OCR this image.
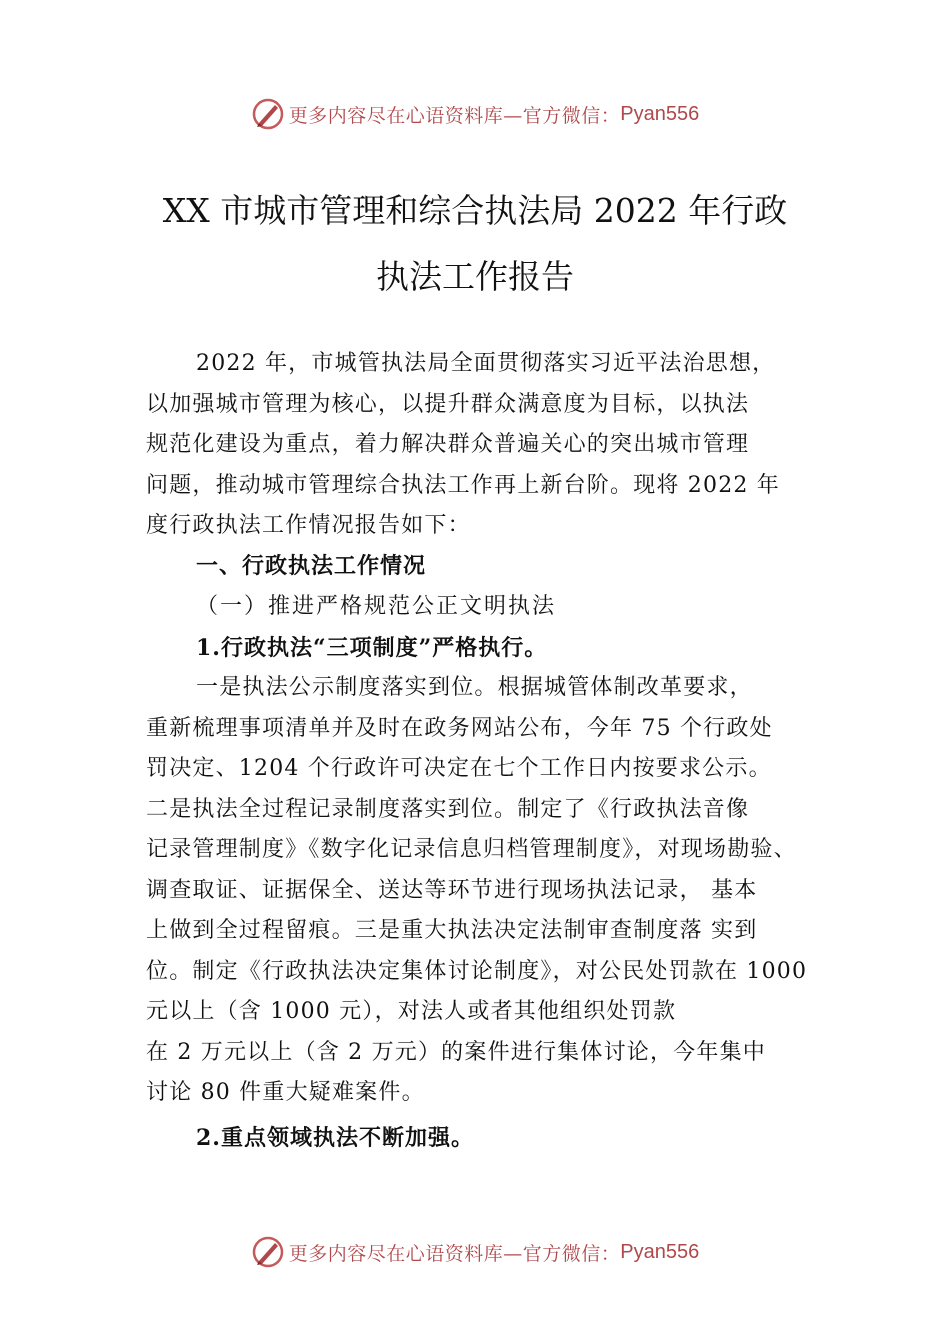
更多内容尽在心语资料库—官方微信： Pyan556
XX 市城市管理和综合执法局 2022 年行政
执法工作报告
2022 年，市城管执法局全面贯彻落实习近平法治思想，
以加强城市管理为核心，以提升群众满意度为目标，以执法
规范化建设为重点，着力解决群众普遍关心的突出城市管理
问题，推动城市管理综合执法工作再上新台阶。现将 2022 年
度行政执法工作情况报告如下：
一、行政执法工作情况
（一）推进严格规范公正文明执法
1.行政执法“三项制度”严格执行。
一是执法公示制度落实到位。根据城管体制改革要求，
重新梳理事项清单并及时在政务网站公布，今年 75 个行政处
罚决定、1204 个行政许可决定在七个工作日内按要求公示。
二是执法全过程记录制度落实到位。制定了《行政执法音像
记录管理制度》《数字化记录信息归档管理制度》，对现场勘验、
调查取证、证据保全、送达等环节进行现场执法记录， 基本
上做到全过程留痕。三是重大执法决定法制审查制度落 实到
位。制定《行政执法决定集体讨论制度》，对公民处罚款在 1000
元以上（含 1000 元），对法人或者其他组织处罚款
在 2 万元以上（含 2 万元）的案件进行集体讨论，今年集中
讨论 80 件重大疑难案件。
2.重点领域执法不断加强。
更多内容尽在心语资料库—官方微信： Pyan556
